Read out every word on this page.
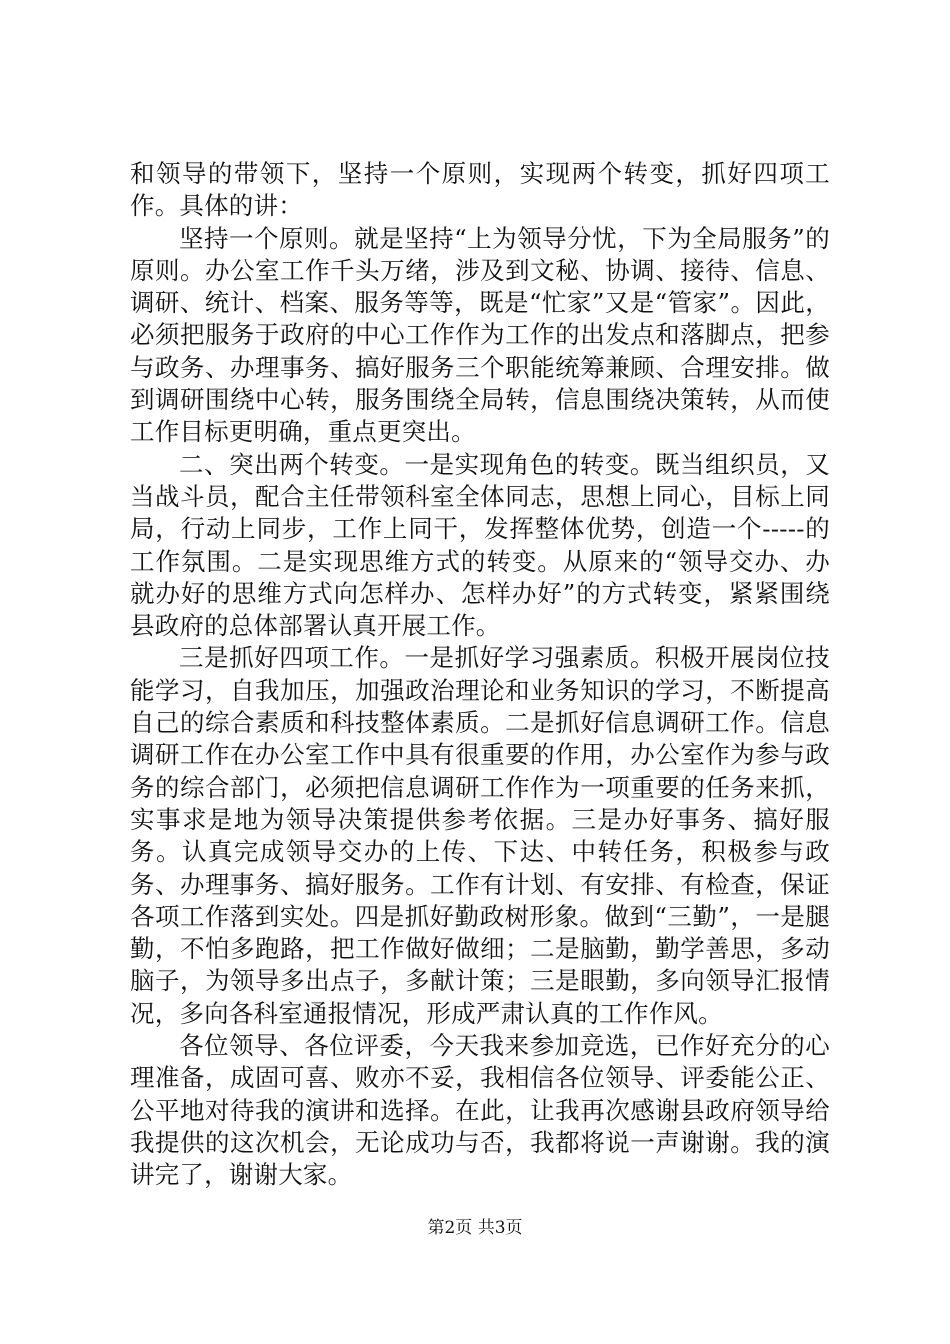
和领导的带领下，坚持一个原则，实现两个转变，抓好四项工作。具体的讲：

坚持一个原则。就是坚持“上为领导分忧，下为全局服务”的原则。办公室工作千头万绪，涉及到文秘、协调、接待、信息、调研、统计、档案、服务等等，既是“忙家”又是“管家”。因此，必须把服务于政府的中心工作作为工作的出发点和落脚点，把参与政务、办理事务、搞好服务三个职能统筹兼顾、合理安排。做到调研围绕中心转，服务围绕全局转，信息围绕决策转，从而使工作目标更明确，重点更突出。

二、突出两个转变。一是实现角色的转变。既当组织员，又当战斗员，配合主任带领科室全体同志，思想上同心，目标上同局，行动上同步，工作上同干，发挥整体优势，创造一个-----的工作氛围。二是实现思维方式的转变。从原来的“领导交办、办就办好的思维方式向怎样办、怎样办好”的方式转变，紧紧围绕县政府的总体部署认真开展工作。

三是抓好四项工作。一是抓好学习强素质。积极开展岗位技能学习，自我加压，加强政治理论和业务知识的学习，不断提高自己的综合素质和科技整体素质。二是抓好信息调研工作。信息调研工作在办公室工作中具有很重要的作用，办公室作为参与政务的综合部门，必须把信息调研工作作为一项重要的任务来抓，实事求是地为领导决策提供参考依据。三是办好事务、搞好服务。认真完成领导交办的上传、下达、中转任务，积极参与政务、办理事务、搞好服务。工作有计划、有安排、有检查，保证各项工作落到实处。四是抓好勤政树形象。做到“三勤”，一是腿勤，不怕多跑路，把工作做好做细；二是脑勤，勤学善思，多动脑子，为领导多出点子，多献计策；三是眼勤，多向领导汇报情况，多向各科室通报情况，形成严肃认真的工作作风。

各位领导、各位评委，今天我来参加竞选，已作好充分的心理准备，成固可喜、败亦不妥，我相信各位领导、评委能公正、公平地对待我的演讲和选择。在此，让我再次感谢县政府领导给我提供的这次机会，无论成功与否，我都将说一声谢谢。我的演讲完了，谢谢大家。

第2页 共3页
